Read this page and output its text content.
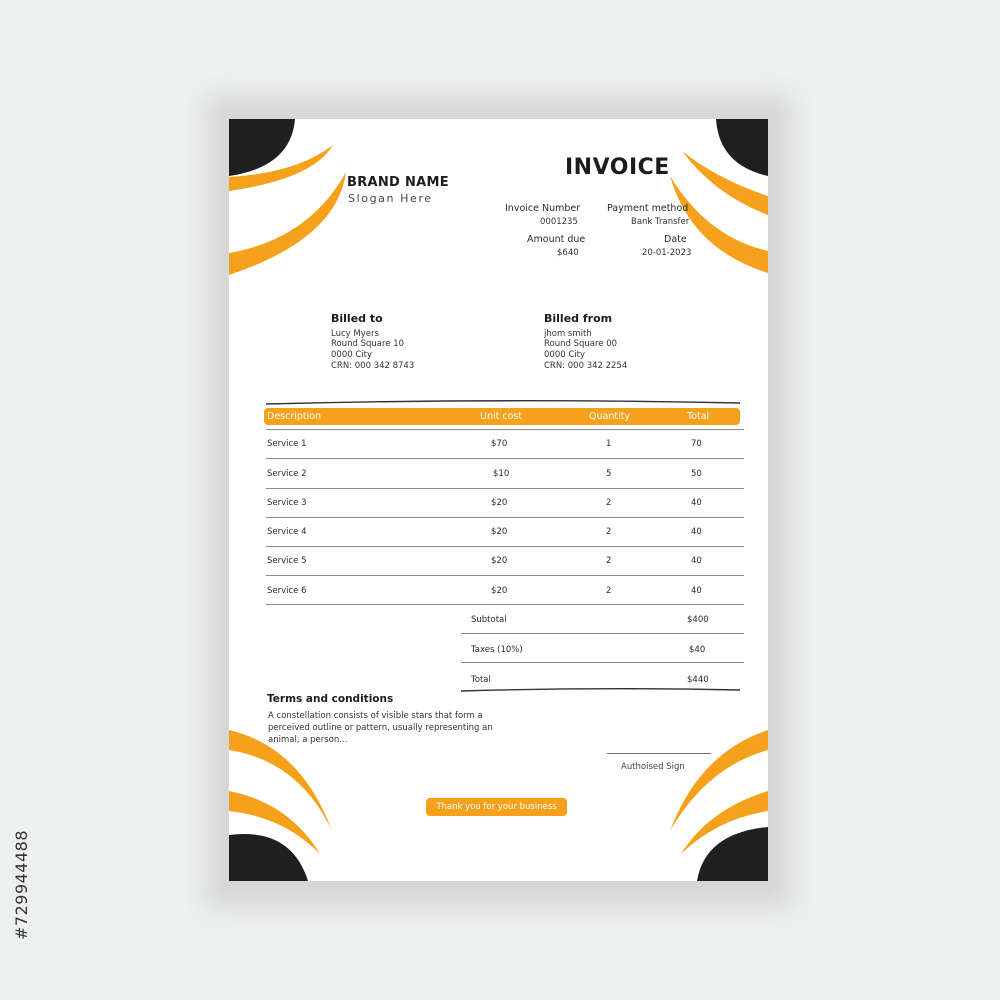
BRAND NAME
Slogan Here
INVOICE
Invoice Number
0001235
Payment method
Bank Transfer
Amount due
$640
Date
20-01-2023
Billed to
Lucy Myers
Round Square 10
0000 City
CRN: 000 342 8743
Billed from
jhom smith
Round Square 00
0000 City
CRN: 000 342 2254
Description	Unit cost	Quantity	Total
Service 1	$70	1	70
Service 2	$10	5	50
Service 3	$20	2	40
Service 4	$20	2	40
Service 5	$20	2	40
Service 6	$20	2	40
Subtotal	$400
Taxes (10%)	$40
Total	$440
Terms and conditions
A constellation consists of visible stars that form a perceived outline or pattern, usually representing an animal, a person...
Authoised Sign
Thank you for your business
#729944488
